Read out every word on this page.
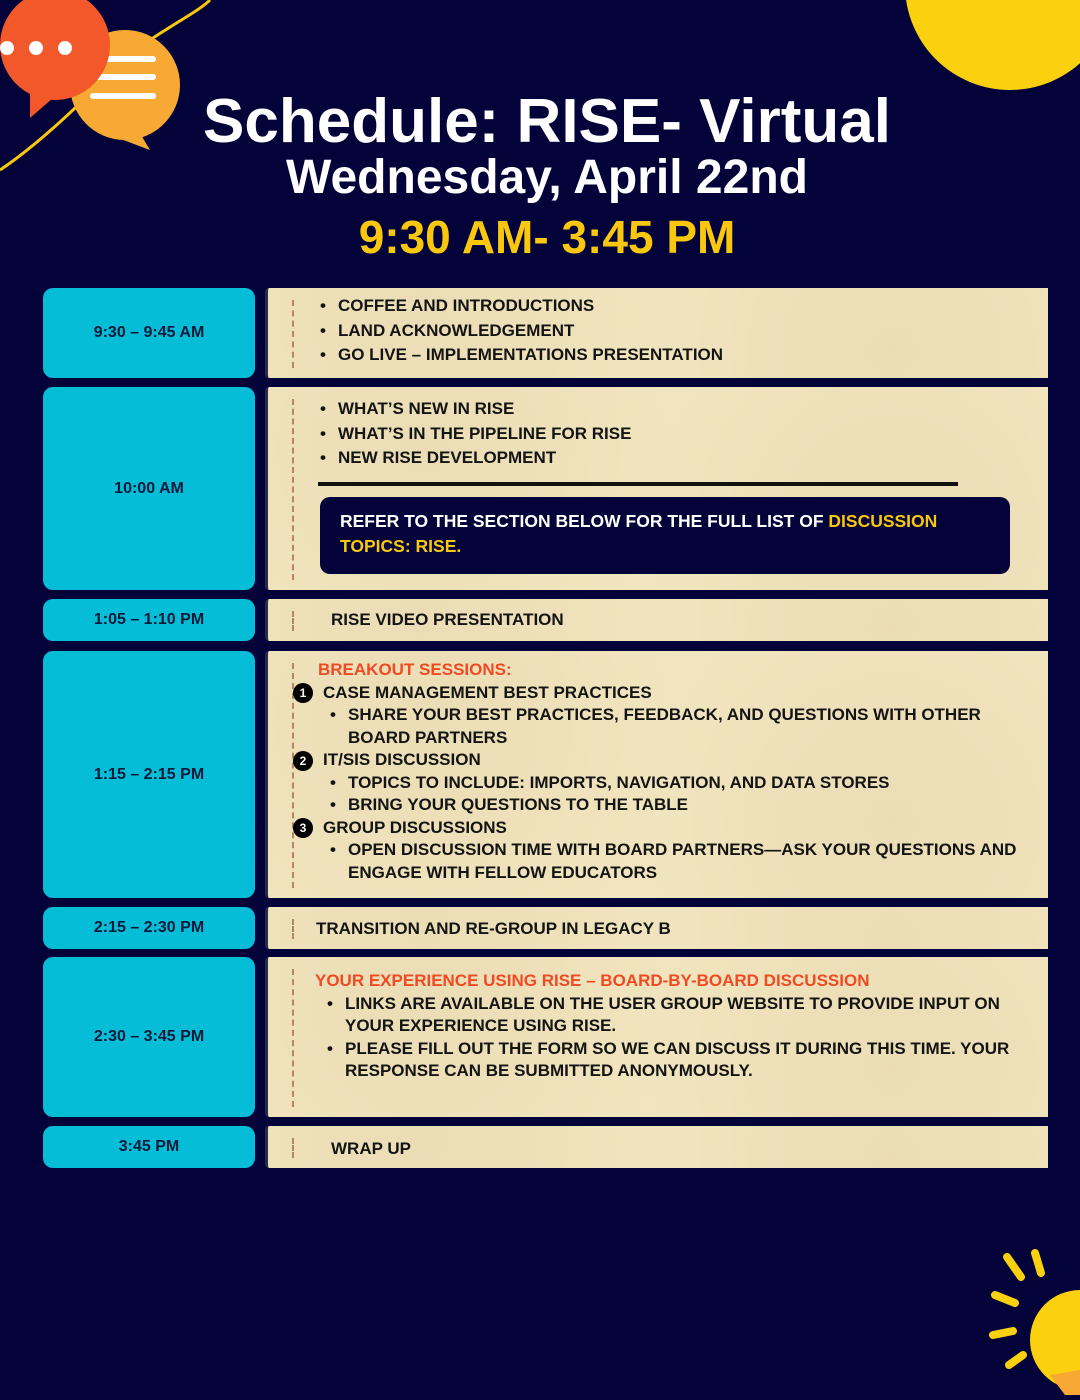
Schedule: RISE- Virtual
Wednesday, April 22nd
9:30 AM- 3:45 PM
9:30 – 9:45 AM
• COFFEE AND INTRODUCTIONS
• LAND ACKNOWLEDGEMENT
• GO LIVE – IMPLEMENTATIONS PRESENTATION
10:00 AM
• WHAT’S NEW IN RISE
• WHAT’S IN THE PIPELINE FOR RISE
• NEW RISE DEVELOPMENT
REFER TO THE SECTION BELOW FOR THE FULL LIST OF DISCUSSION TOPICS: RISE.
1:05 – 1:10 PM	RISE VIDEO PRESENTATION
1:15 – 2:15 PM
BREAKOUT SESSIONS:
1 CASE MANAGEMENT BEST PRACTICES
• SHARE YOUR BEST PRACTICES, FEEDBACK, AND QUESTIONS WITH OTHER BOARD PARTNERS
2 IT/SIS DISCUSSION
• TOPICS TO INCLUDE: IMPORTS, NAVIGATION, AND DATA STORES
• BRING YOUR QUESTIONS TO THE TABLE
3 GROUP DISCUSSIONS
• OPEN DISCUSSION TIME WITH BOARD PARTNERS—ASK YOUR QUESTIONS AND ENGAGE WITH FELLOW EDUCATORS
2:15 – 2:30 PM	TRANSITION AND RE-GROUP IN LEGACY B
2:30 – 3:45 PM
YOUR EXPERIENCE USING RISE – BOARD-BY-BOARD DISCUSSION
• LINKS ARE AVAILABLE ON THE USER GROUP WEBSITE TO PROVIDE INPUT ON YOUR EXPERIENCE USING RISE.
• PLEASE FILL OUT THE FORM SO WE CAN DISCUSS IT DURING THIS TIME. YOUR RESPONSE CAN BE SUBMITTED ANONYMOUSLY.
3:45 PM	WRAP UP
